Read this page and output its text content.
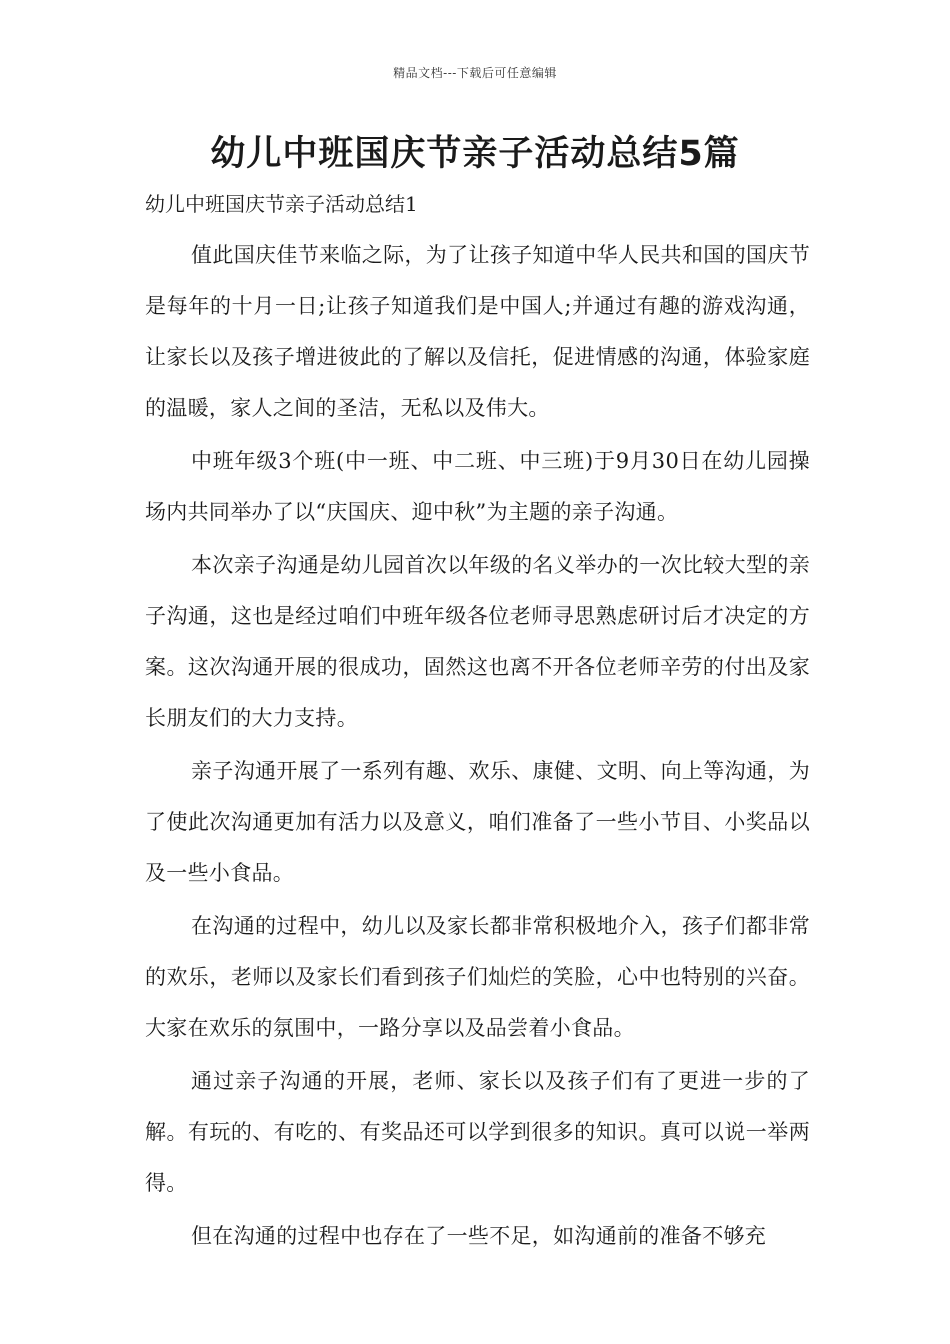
精品文档---下载后可任意编辑
幼儿中班国庆节亲子活动总结5篇
幼儿中班国庆节亲子活动总结1

值此国庆佳节来临之际，为了让孩子知道中华人民共和国的国庆节是每年的十月一日;让孩子知道我们是中国人;并通过有趣的游戏沟通，让家长以及孩子增进彼此的了解以及信托，促进情感的沟通，体验家庭的温暖，家人之间的圣洁，无私以及伟大。

中班年级3个班(中一班、中二班、中三班)于9月30日在幼儿园操场内共同举办了以“庆国庆、迎中秋”为主题的亲子沟通。

本次亲子沟通是幼儿园首次以年级的名义举办的一次比较大型的亲子沟通，这也是经过咱们中班年级各位老师寻思熟虑研讨后才决定的方案。这次沟通开展的很成功，固然这也离不开各位老师辛劳的付出及家长朋友们的大力支持。

亲子沟通开展了一系列有趣、欢乐、康健、文明、向上等沟通，为了使此次沟通更加有活力以及意义，咱们准备了一些小节目、小奖品以及一些小食品。

在沟通的过程中，幼儿以及家长都非常积极地介入，孩子们都非常的欢乐，老师以及家长们看到孩子们灿烂的笑脸，心中也特别的兴奋。大家在欢乐的氛围中，一路分享以及品尝着小食品。

通过亲子沟通的开展，老师、家长以及孩子们有了更进一步的了解。有玩的、有吃的、有奖品还可以学到很多的知识。真可以说一举两得。

但在沟通的过程中也存在了一些不足，如沟通前的准备不够充
